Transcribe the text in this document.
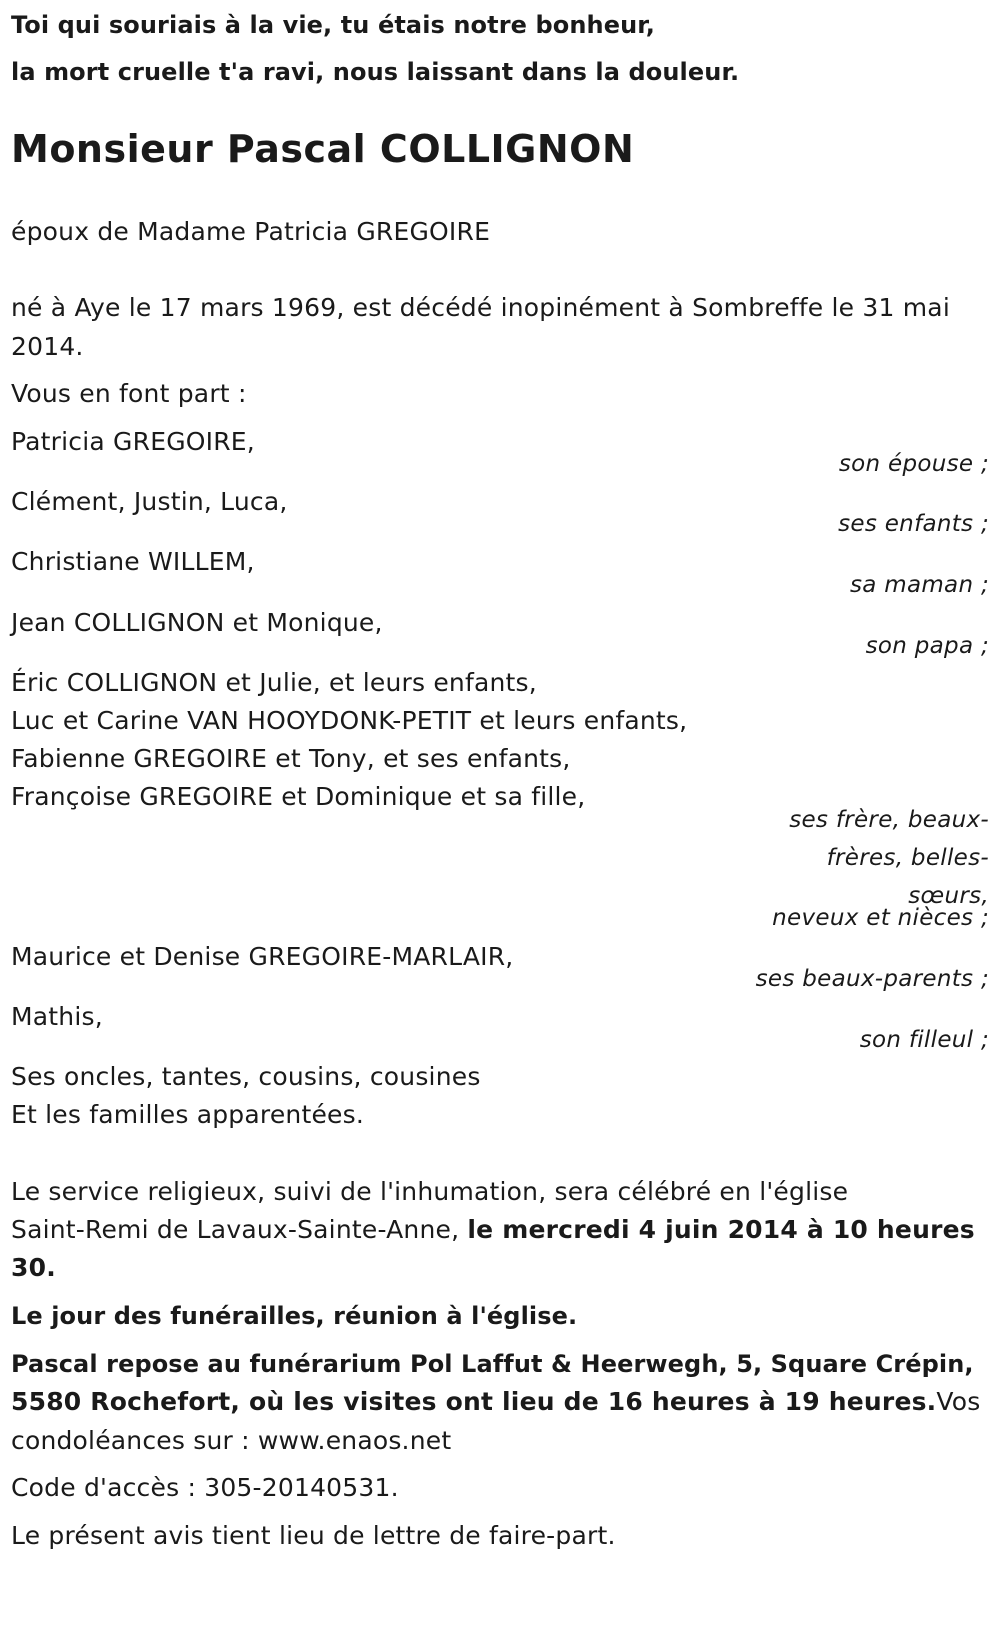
Toi qui souriais à la vie, tu étais notre bonheur,
la mort cruelle t'a ravi, nous laissant dans la douleur.
Monsieur Pascal COLLIGNON
époux de Madame Patricia GREGOIRE
né à Aye le 17 mars 1969, est décédé inopinément à Sombreffe le 31 mai
2014.
Vous en font part :
Patricia GREGOIRE,
son épouse ;
Clément, Justin, Luca,
ses enfants ;
Christiane WILLEM,
sa maman ;
Jean COLLIGNON et Monique,
son papa ;
Éric COLLIGNON et Julie, et leurs enfants,
Luc et Carine VAN HOOYDONK-PETIT et leurs enfants,
Fabienne GREGOIRE et Tony, et ses enfants,
Françoise GREGOIRE et Dominique et sa fille,
ses frère, beaux-
frères, belles-
sœurs,
neveux et nièces ;
Maurice et Denise GREGOIRE-MARLAIR,
ses beaux-parents ;
Mathis,
son filleul ;
Ses oncles, tantes, cousins, cousines
Et les familles apparentées.
Le service religieux, suivi de l'inhumation, sera célébré en l'église
Saint-Remi de Lavaux-Sainte-Anne, le mercredi 4 juin 2014 à 10 heures
30.
Le jour des funérailles, réunion à l'église.
Pascal repose au funérarium Pol Laffut & Heerwegh, 5, Square Crépin,
5580 Rochefort, où les visites ont lieu de 16 heures à 19 heures.Vos
condoléances sur : www.enaos.net
Code d'accès : 305-20140531.
Le présent avis tient lieu de lettre de faire-part.
